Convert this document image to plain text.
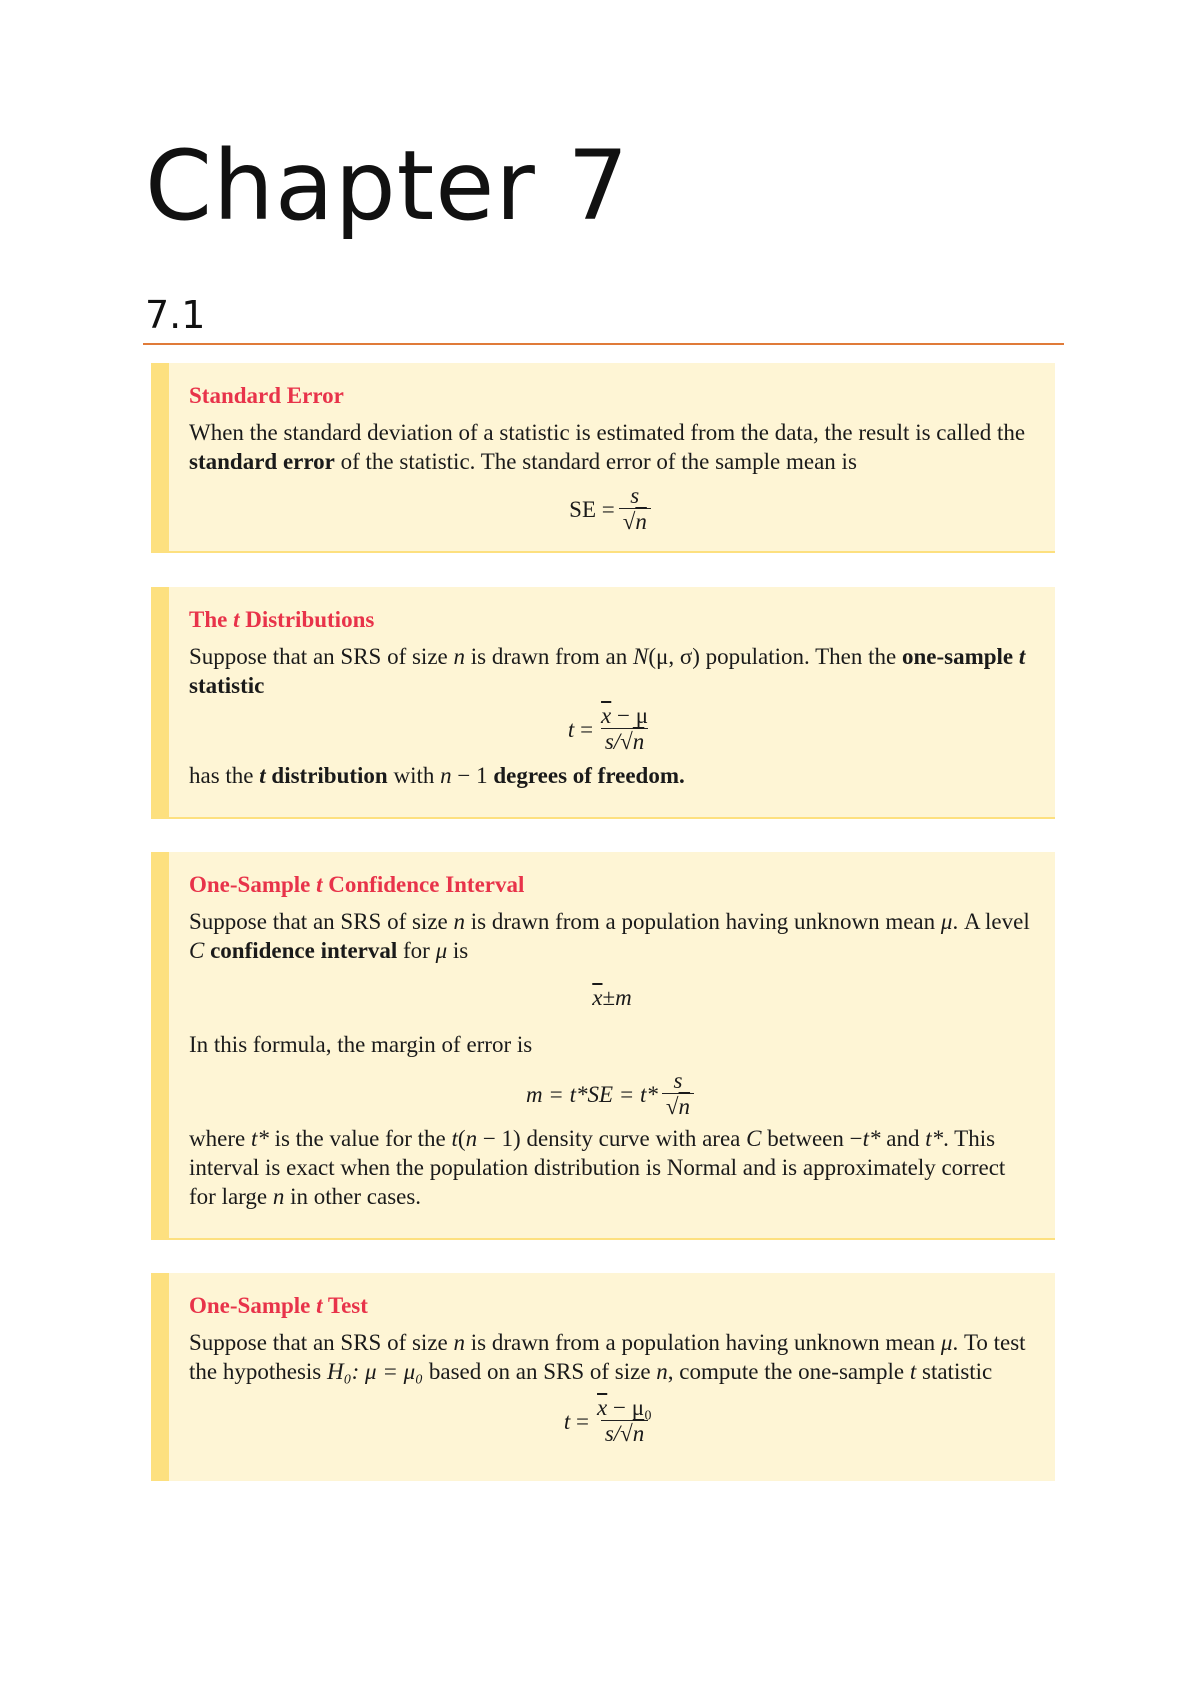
Chapter 7
7.1
Standard Error

When the standard deviation of a statistic is estimated from the data, the result is called the standard error of the statistic. The standard error of the sample mean is

SE = $\frac{s}{√n}$
The t Distributions

Suppose that an SRS of size n is drawn from an N(μ, σ) population. Then the one-sample t statistic

t
= $\frac{\overline{x} - \mu}{s/√n}$

has the t distribution with n − 1 degrees of freedom.

One-Sample t Confidence Interval

Suppose that an SRS of size n is drawn from a population having unknown mean μ. A level C confidence interval for μ is

$\overline{x} \pm m$

In this formula, the margin of error is

$m = t*SE = t* \frac{s}{√n}$

where t* is the value for the t(n − 1) density curve with area C between −t* and t*. This interval is exact when the population distribution is Normal and is approximately correct for large n in other cases.

One-Sample t Test

Suppose that an SRS of size n is drawn from a population having unknown mean μ. To test the hypothesis H₀: μ = μ₀ based on an SRS of size n, compute the one-sample t statistic

t
= $\frac{\overline{x} - \mu_0}{s/√n}$
